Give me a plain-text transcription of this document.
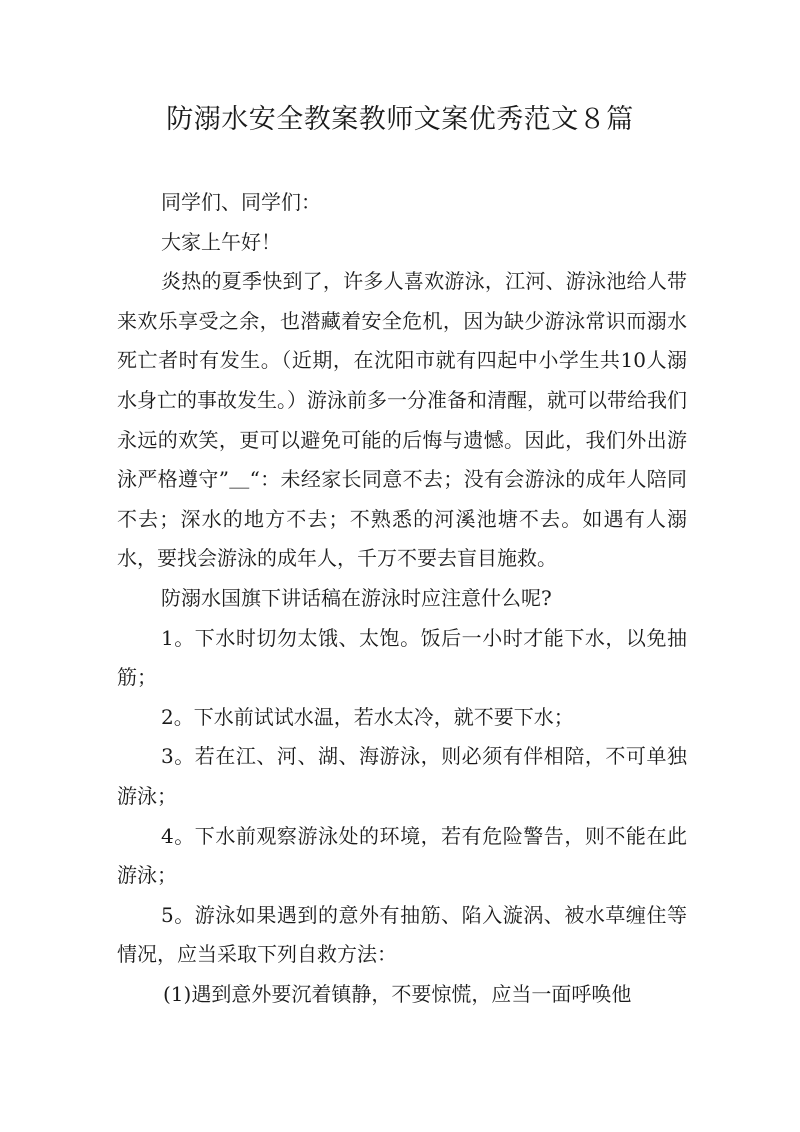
防溺水安全教案教师文案优秀范文８篇

同学们、同学们：

大家上午好！

炎热的夏季快到了，许多人喜欢游泳，江河、游泳池给人带来欢乐享受之余，也潜藏着安全危机，因为缺少游泳常识而溺水死亡者时有发生。（近期，在沈阳市就有四起中小学生共10人溺水身亡的事故发生。）游泳前多一分准备和清醒，就可以带给我们永远的欢笑，更可以避免可能的后悔与遗憾。因此，我们外出游泳严格遵守”＿“：未经家长同意不去；没有会游泳的成年人陪同不去；深水的地方不去；不熟悉的河溪池塘不去。如遇有人溺水，要找会游泳的成年人，千万不要去盲目施救。

防溺水国旗下讲话稿在游泳时应注意什么呢?

1。下水时切勿太饿、太饱。饭后一小时才能下水，以免抽筋；

2。下水前试试水温，若水太冷，就不要下水；

3。若在江、河、湖、海游泳，则必须有伴相陪，不可单独游泳；

4。下水前观察游泳处的环境，若有危险警告，则不能在此游泳；

5。游泳如果遇到的意外有抽筋、陷入漩涡、被水草缠住等情况，应当采取下列自救方法：

(1)遇到意外要沉着镇静，不要惊慌，应当一面呼唤他
